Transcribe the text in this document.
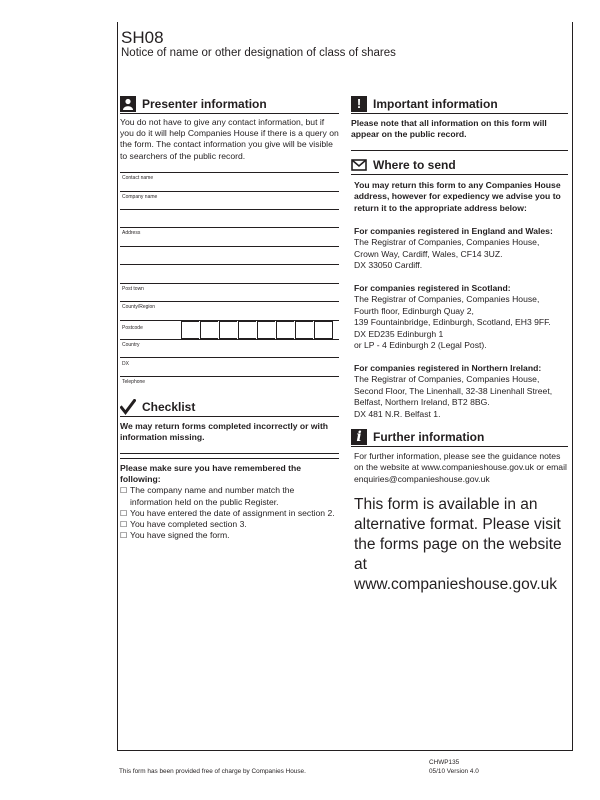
SH08
Notice of name or other designation of class of shares
Presenter information
You do not have to give any contact information, but if you do it will help Companies House if there is a query on the form. The contact information you give will be visible to searchers of the public record.
Contact name
Company name
Address
Post town
County/Region
Postcode
Country
DX
Telephone
Checklist
We may return forms completed incorrectly or with information missing.
Please make sure you have remembered the following:
☐ The company name and number match the information held on the public Register.
☐ You have entered the date of assignment in section 2.
☐ You have completed section 3.
☐ You have signed the form.
! Important information
Please note that all information on this form will appear on the public record.
Where to send
You may return this form to any Companies House address, however for expediency we advise you to return it to the appropriate address below:
For companies registered in England and Wales:
The Registrar of Companies, Companies House,
Crown Way, Cardiff, Wales, CF14 3UZ.
DX 33050 Cardiff.
For companies registered in Scotland:
The Registrar of Companies, Companies House,
Fourth floor, Edinburgh Quay 2,
139 Fountainbridge, Edinburgh, Scotland, EH3 9FF.
DX ED235 Edinburgh 1
or LP - 4 Edinburgh 2 (Legal Post).
For companies registered in Northern Ireland:
The Registrar of Companies, Companies House,
Second Floor, The Linenhall, 32-38 Linenhall Street,
Belfast, Northern Ireland, BT2 8BG.
DX 481 N.R. Belfast 1.
i Further information
For further information, please see the guidance notes on the website at www.companieshouse.gov.uk or email enquiries@companieshouse.gov.uk
This form is available in an alternative format. Please visit the forms page on the website at www.companieshouse.gov.uk
This form has been provided free of charge by Companies House.
CHWP135
05/10 Version 4.0
